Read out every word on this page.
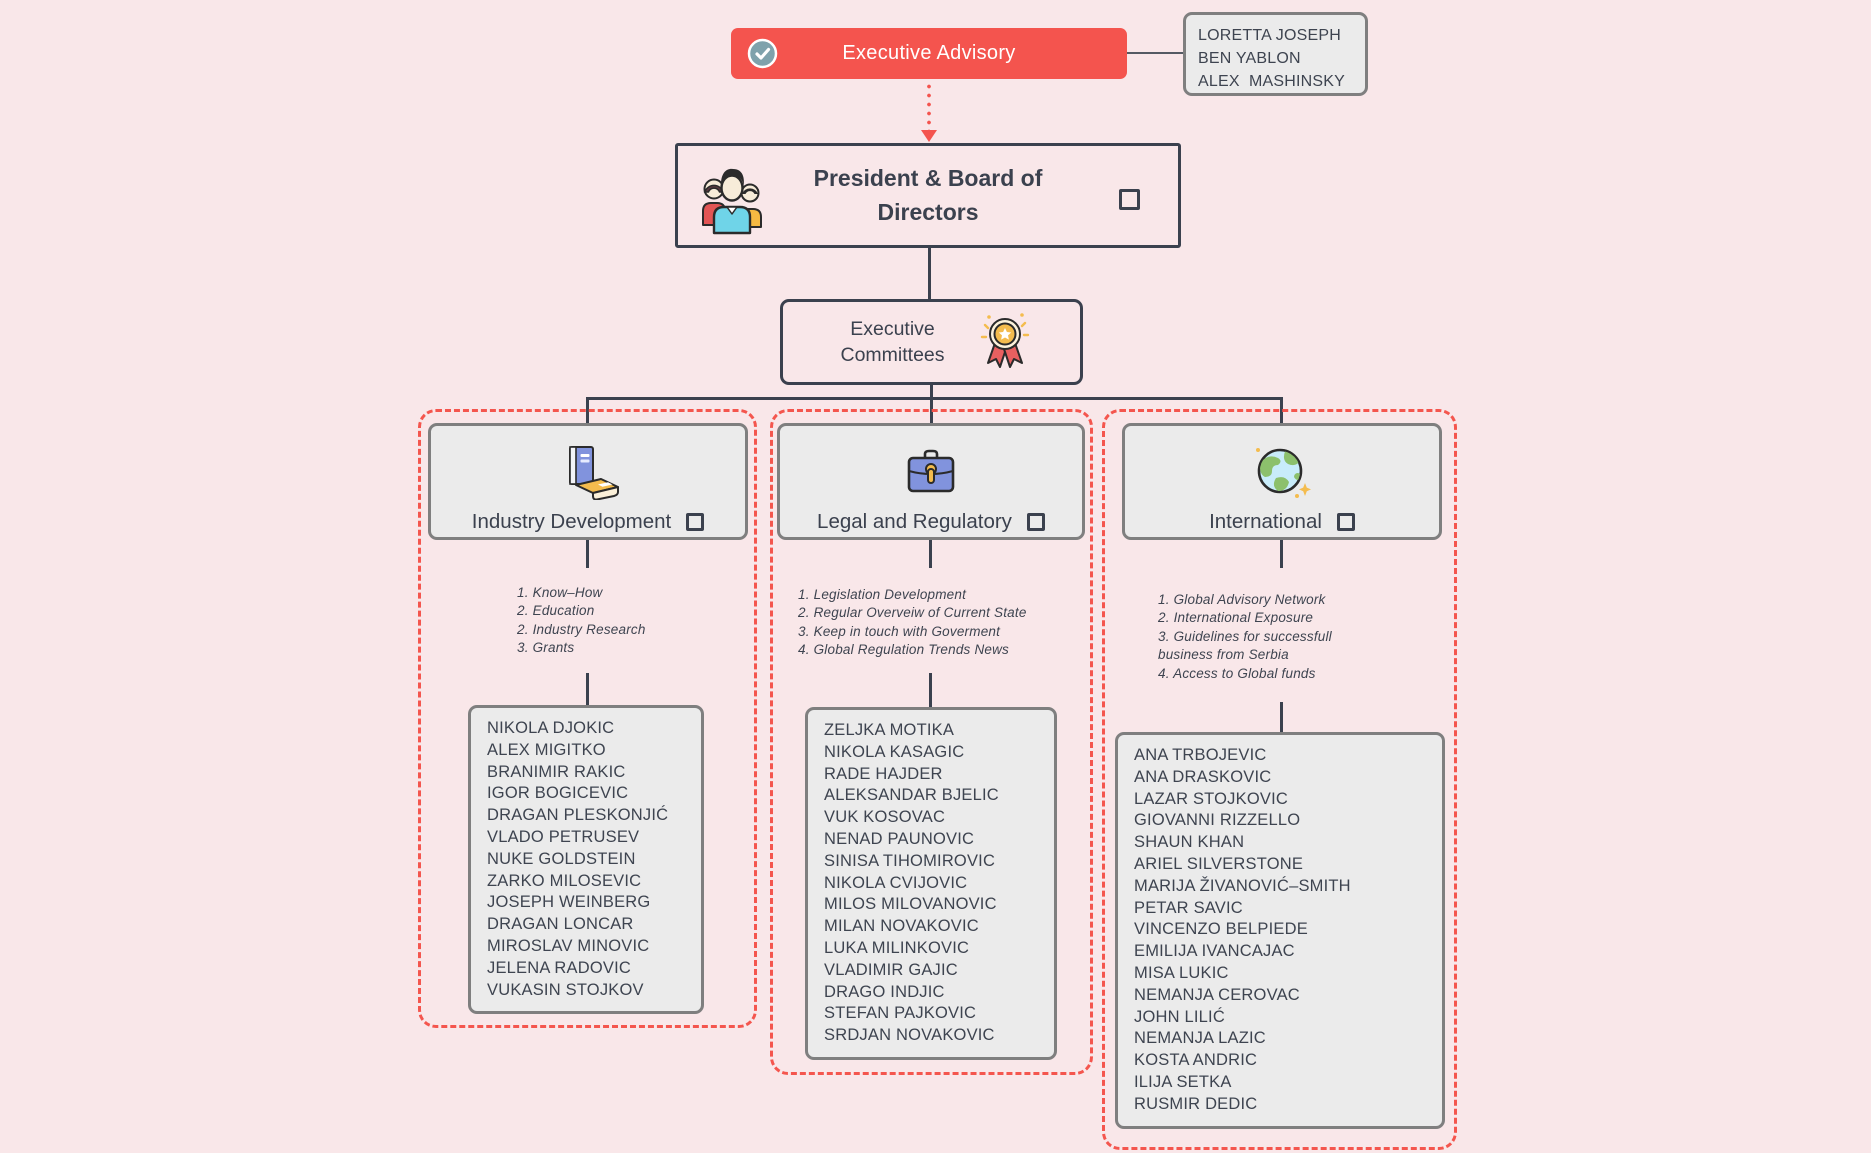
Executive Advisory
LORETTA JOSEPH
BEN YABLON
ALEX  MASHINSKY
President & Board of Directors
Executive Committees
Industry Development
1. Know–How
2. Education
2. Industry Research
3. Grants
NIKOLA DJOKIC
ALEX MIGITKO
BRANIMIR RAKIC
IGOR BOGICEVIC
DRAGAN PLESKONJIĆ
VLADO PETRUSEV
NUKE GOLDSTEIN
ZARKO MILOSEVIC
JOSEPH WEINBERG
DRAGAN LONCAR
MIROSLAV MINOVIC
JELENA RADOVIC
VUKASIN STOJKOV
Legal and Regulatory
1. Legislation Development
2. Regular Overveiw of Current State
3. Keep in touch with Goverment
4. Global Regulation Trends News
ZELJKA MOTIKA
NIKOLA KASAGIC
RADE HAJDER
ALEKSANDAR BJELIC
VUK KOSOVAC
NENAD PAUNOVIC
SINISA TIHOMIROVIC
NIKOLA CVIJOVIC
MILOS MILOVANOVIC
MILAN NOVAKOVIC
LUKA MILINKOVIC
VLADIMIR GAJIC
DRAGO INDJIC
STEFAN PAJKOVIC
SRDJAN NOVAKOVIC
International
1. Global Advisory Network
2. International Exposure
3. Guidelines for successfull business from Serbia
4. Access to Global funds
ANA TRBOJEVIC
ANA DRASKOVIC
LAZAR STOJKOVIC
GIOVANNI RIZZELLO
SHAUN KHAN
ARIEL SILVERSTONE
MARIJA ŽIVANOVIĆ–SMITH
PETAR SAVIC
VINCENZO BELPIEDE
EMILIJA IVANCAJAC
MISA LUKIC
NEMANJA CEROVAC
JOHN LILIĆ
NEMANJA LAZIC
KOSTA ANDRIC
ILIJA SETKA
RUSMIR DEDIC
